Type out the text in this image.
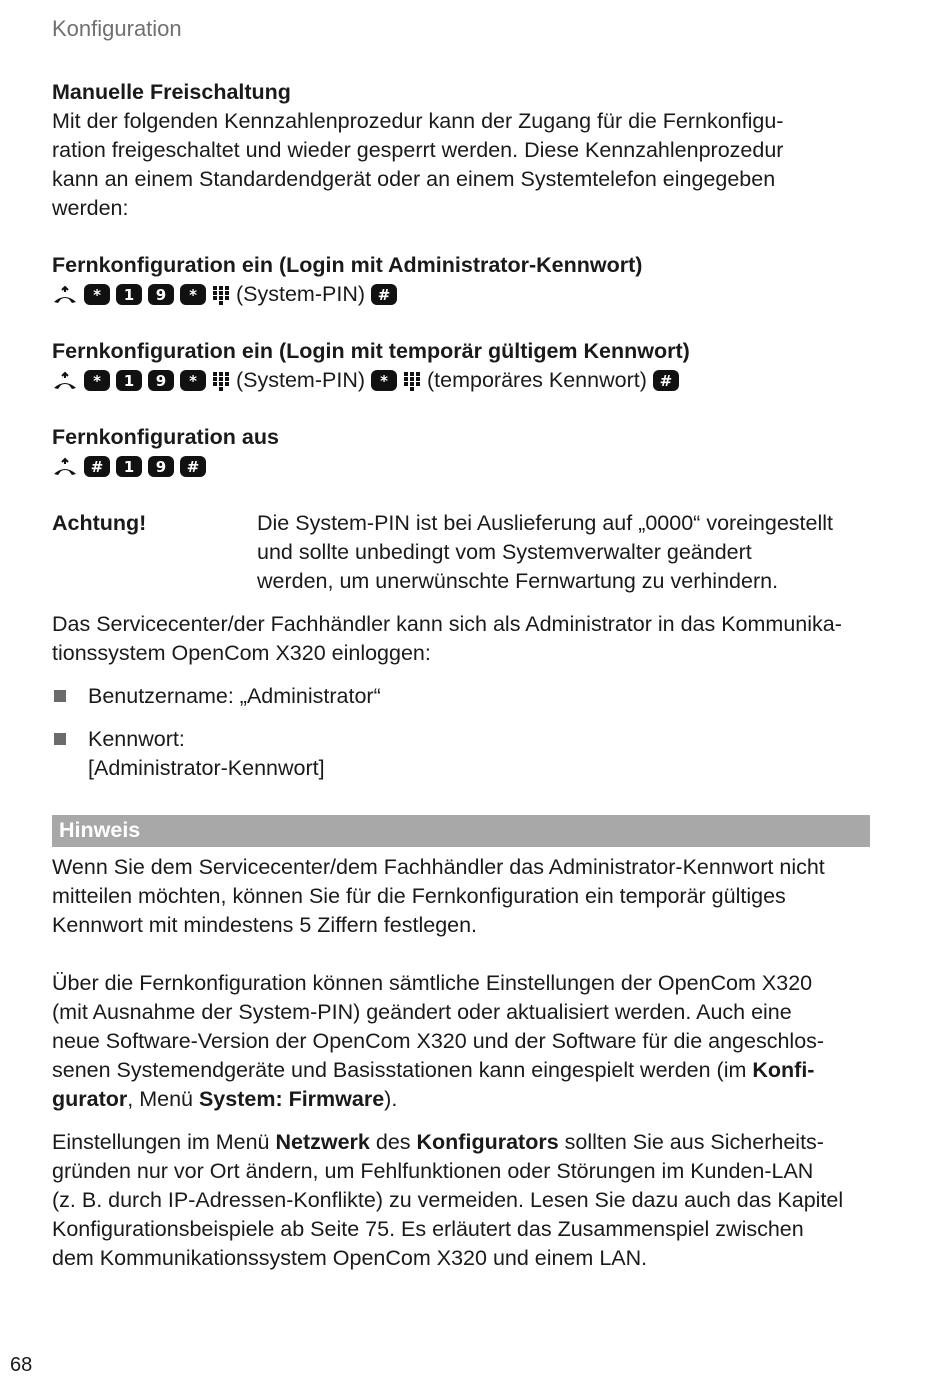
Konfiguration

Manuelle Freischaltung

Mit der folgenden Kennzahlenprozedur kann der Zugang für die Fernkonfigu-

ration freigeschaltet und wieder gesperrt werden. Diese Kennzahlenprozedur

kann an einem Standardendgerät oder an einem Systemtelefon eingegeben

werden:

Fernkonfiguration ein (Login mit Administrator-Kennwort)

*	1	9	*	(System-PIN) #

Fernkonfiguration ein (Login mit temporär gültigem Kennwort)

*	1	9	*	(System-PIN)	*	(temporäres Kennwort) #

Fernkonfiguration aus

#	1	9	#
Achtung!	Die System-PIN ist bei Auslieferung auf „0000“ voreingestellt

und sollte unbedingt vom Systemverwalter geändert

werden, um unerwünschte Fernwartung zu verhindern.

Das Servicecenter/der Fachhändler kann sich als Administrator in das Kommunika-

tionssystem OpenCom X320 einloggen:

Benutzername: „Administrator“

Kennwort:

[Administrator-Kennwort]

Hinweis

Wenn Sie dem Servicecenter/dem Fachhändler das Administrator-Kennwort nicht

mitteilen möchten, können Sie für die Fernkonfiguration ein temporär gültiges

Kennwort mit mindestens 5 Ziffern festlegen.

Über die Fernkonfiguration können sämtliche Einstellungen der OpenCom X320

(mit Ausnahme der System-PIN) geändert oder aktualisiert werden. Auch eine

neue Software-Version der OpenCom X320 und der Software für die angeschlos-

senen Systemendgeräte und Basisstationen kann eingespielt werden (im Konfi-

gurator, Menü System: Firmware).

Einstellungen im Menü Netzwerk des Konfigurators sollten Sie aus Sicherheits-

gründen nur vor Ort ändern, um Fehlfunktionen oder Störungen im Kunden-LAN

(z. B. durch IP-Adressen-Konflikte) zu vermeiden. Lesen Sie dazu auch das Kapitel

Konfigurationsbeispiele ab Seite 75. Es erläutert das Zusammenspiel zwischen

dem Kommunikationssystem OpenCom X320 und einem LAN.

68
